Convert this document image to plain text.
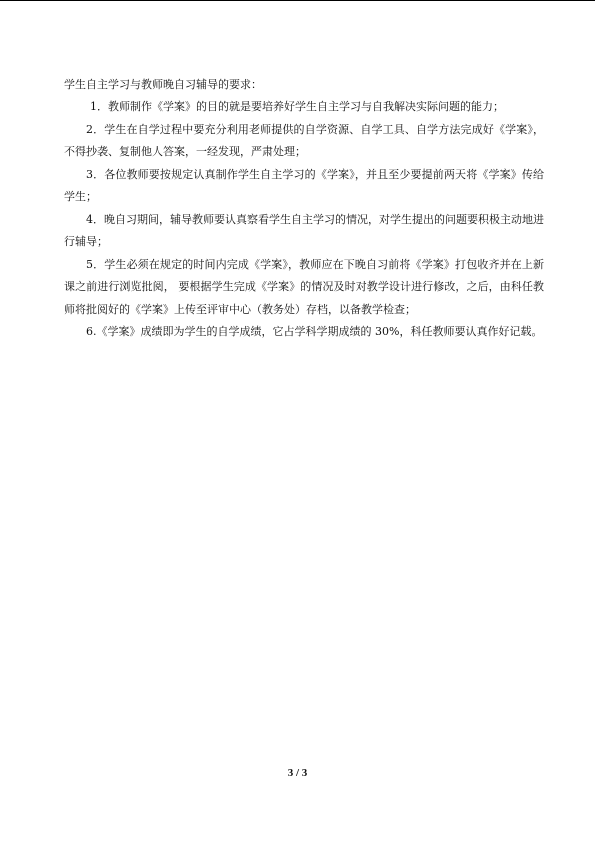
学生自主学习与教师晚自习辅导的要求：

1．教师制作《学案》的目的就是要培养好学生自主学习与自我解决实际问题的能力；

2．学生在自学过程中要充分利用老师提供的自学资源、自学工具、自学方法完成好《学案》，不得抄袭、复制他人答案，一经发现，严肃处理；

3．各位教师要按规定认真制作学生自主学习的《学案》，并且至少要提前两天将《学案》传给学生；

4．晚自习期间，辅导教师要认真察看学生自主学习的情况，对学生提出的问题要积极主动地进行辅导；

5．学生必须在规定的时间内完成《学案》，教师应在下晚自习前将《学案》打包收齐并在上新课之前进行浏览批阅， 要根据学生完成《学案》的情况及时对教学设计进行修改，之后，由科任教师将批阅好的《学案》上传至评审中心（教务处）存档，以备教学检查；

6.《学案》成绩即为学生的自学成绩，它占学科学期成绩的 30%，科任教师要认真作好记载。

3 / 3
